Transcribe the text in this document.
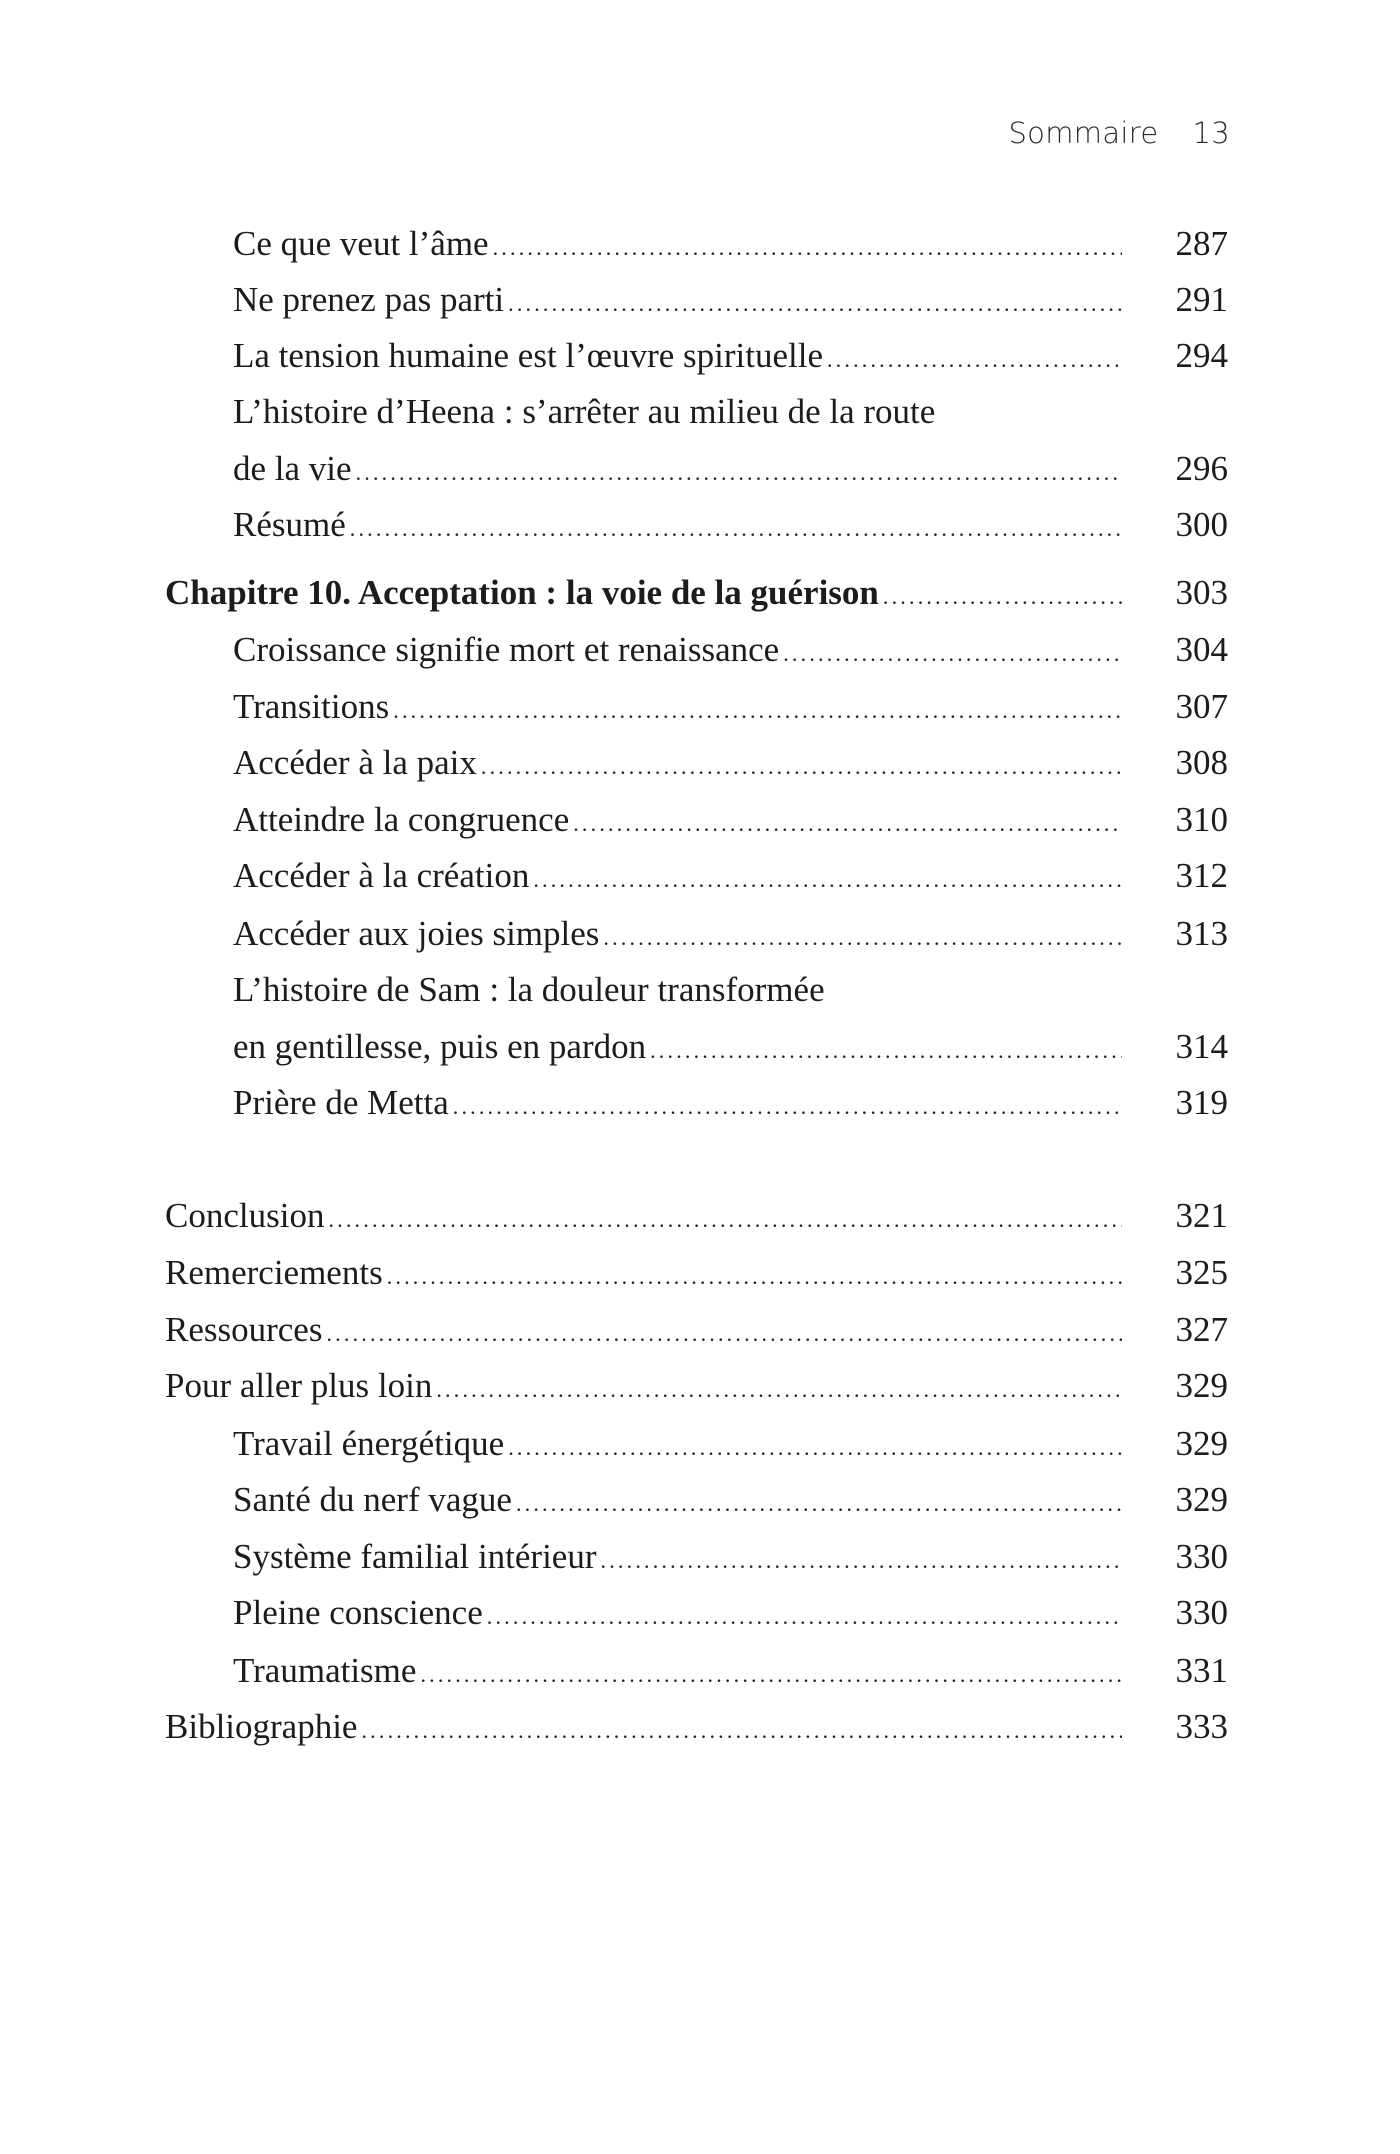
Sommaire 13
Ce que veut l’âme .....	287
Ne prenez pas parti .....	291
La tension humaine est l’œuvre spirituelle .....	294
L’histoire d’Heena : s’arrêter au milieu de la route
de la vie .....	296
Résumé .....	300
Chapitre 10. Acceptation : la voie de la guérison .....	303
Croissance signifie mort et renaissance .....	304
Transitions .....	307
Accéder à la paix .....	308
Atteindre la congruence .....	310
Accéder à la création .....	312
Accéder aux joies simples .....	313
L’histoire de Sam : la douleur transformée
en gentillesse, puis en pardon .....	314
Prière de Metta .....	319
Conclusion .....	321
Remerciements .....	325
Ressources .....	327
Pour aller plus loin .....	329
Travail énergétique .....	329
Santé du nerf vague .....	329
Système familial intérieur .....	330
Pleine conscience .....	330
Traumatisme .....	331
Bibliographie .....	333
